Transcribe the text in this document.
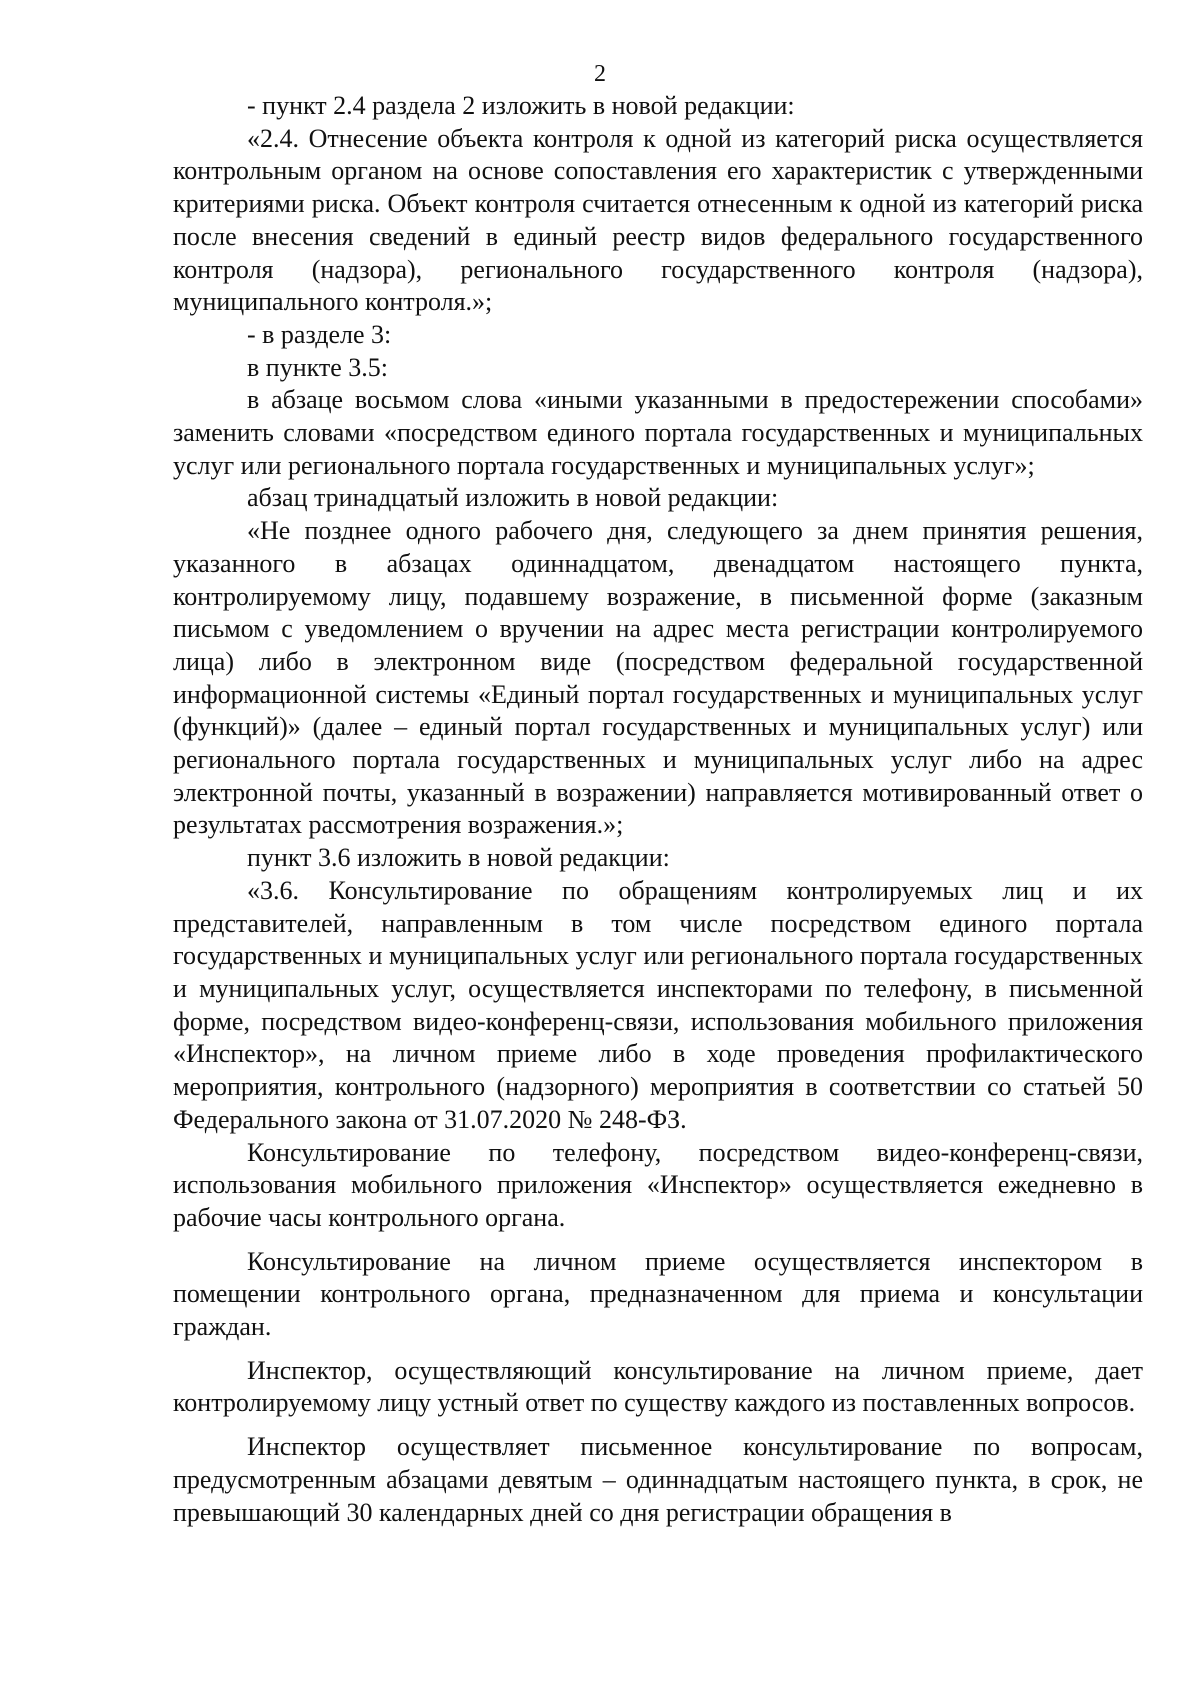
2

- пункт 2.4 раздела 2 изложить в новой редакции:

«2.4. Отнесение объекта контроля к одной из категорий риска осуществляется контрольным органом на основе сопоставления его характеристик с утвержденными критериями риска. Объект контроля считается отнесенным к одной из категорий риска после внесения сведений в единый реестр видов федерального государственного контроля (надзора), регионального государственного контроля (надзора), муниципального контроля.»;

- в разделе 3:

в пункте 3.5:

в абзаце восьмом слова «иными указанными в предостережении способами» заменить словами «посредством единого портала государственных и муниципальных услуг или регионального портала государственных и муниципальных услуг»;

абзац тринадцатый изложить в новой редакции:

«Не позднее одного рабочего дня, следующего за днем принятия решения, указанного в абзацах одиннадцатом, двенадцатом настоящего пункта, контролируемому лицу, подавшему возражение, в письменной форме (заказным письмом с уведомлением о вручении на адрес места регистрации контролируемого лица) либо в электронном виде (посредством федеральной государственной информационной системы «Единый портал государственных и муниципальных услуг (функций)» (далее – единый портал государственных и муниципальных услуг) или регионального портала государственных и муниципальных услуг либо на адрес электронной почты, указанный в возражении) направляется мотивированный ответ о результатах рассмотрения возражения.»;

пункт 3.6 изложить в новой редакции:

«3.6. Консультирование по обращениям контролируемых лиц и их представителей, направленным в том числе посредством единого портала государственных и муниципальных услуг или регионального портала государственных и муниципальных услуг, осуществляется инспекторами по телефону, в письменной форме, посредством видео-конференц-связи, использования мобильного приложения «Инспектор», на личном приеме либо в ходе проведения профилактического мероприятия, контрольного (надзорного) мероприятия в соответствии со статьей 50 Федерального закона от 31.07.2020 № 248-ФЗ.

Консультирование по телефону, посредством видео-конференц-связи, использования мобильного приложения «Инспектор» осуществляется ежедневно в рабочие часы контрольного органа.

Консультирование на личном приеме осуществляется инспектором в помещении контрольного органа, предназначенном для приема и консультации граждан.

Инспектор, осуществляющий консультирование на личном приеме, дает контролируемому лицу устный ответ по существу каждого из поставленных вопросов.

Инспектор осуществляет письменное консультирование по вопросам, предусмотренным абзацами девятым – одиннадцатым настоящего пункта, в срок, не превышающий 30 календарных дней со дня регистрации обращения в
